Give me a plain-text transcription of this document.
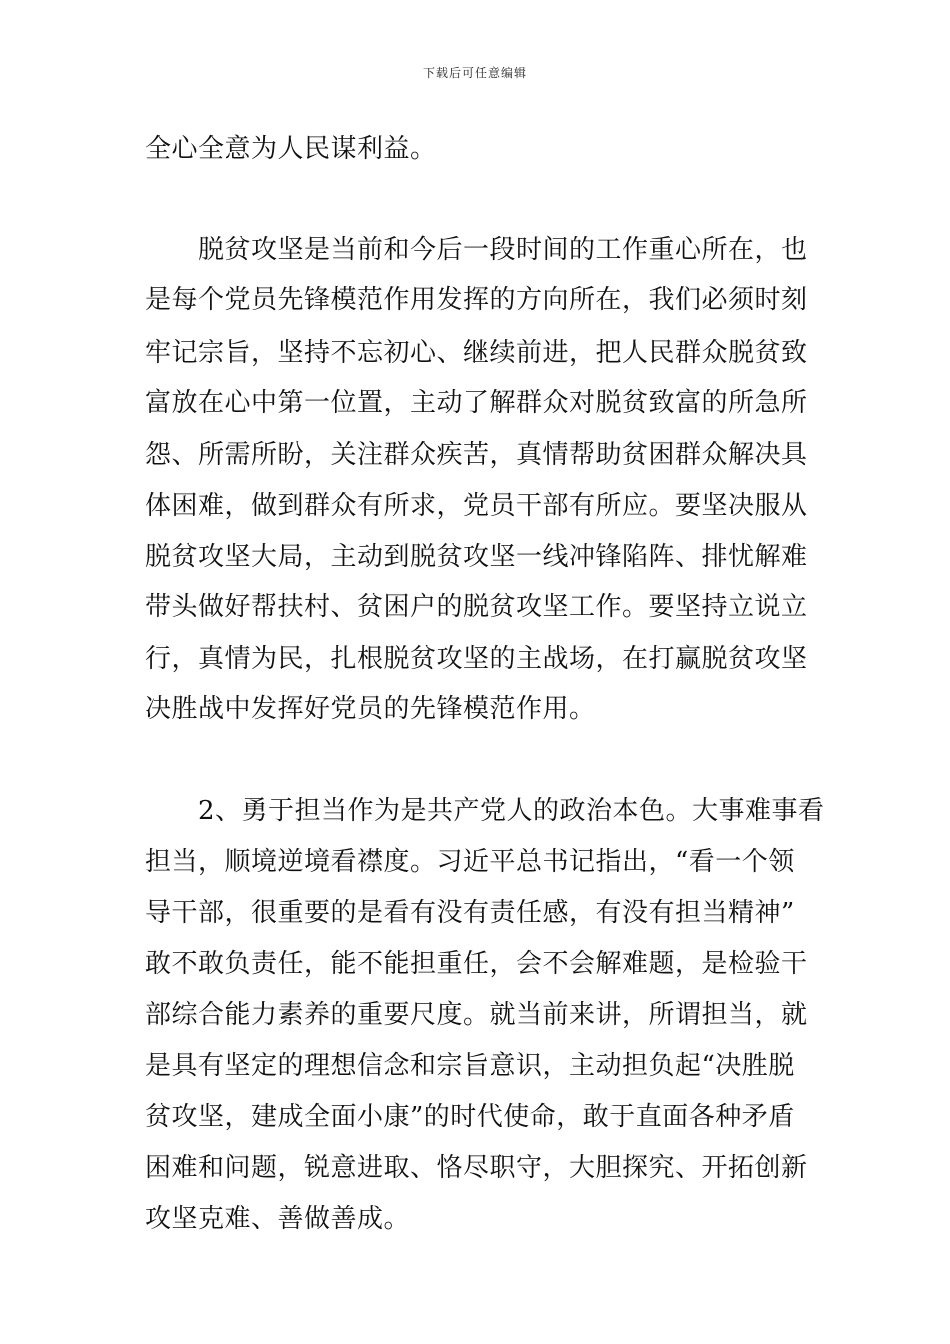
下载后可任意编辑
全心全意为人民谋利益。
　　脱贫攻坚是当前和今后一段时间的工作重心所在，也
是每个党员先锋模范作用发挥的方向所在，我们必须时刻
牢记宗旨，坚持不忘初心、继续前进，把人民群众脱贫致
富放在心中第一位置，主动了解群众对脱贫致富的所急所
怨、所需所盼，关注群众疾苦，真情帮助贫困群众解决具
体困难，做到群众有所求，党员干部有所应。要坚决服从
脱贫攻坚大局，主动到脱贫攻坚一线冲锋陷阵、排忧解难
带头做好帮扶村、贫困户的脱贫攻坚工作。要坚持立说立
行，真情为民，扎根脱贫攻坚的主战场，在打赢脱贫攻坚
决胜战中发挥好党员的先锋模范作用。
　　2、勇于担当作为是共产党人的政治本色。大事难事看
担当，顺境逆境看襟度。习近平总书记指出，“看一个领
导干部，很重要的是看有没有责任感，有没有担当精神”
敢不敢负责任，能不能担重任，会不会解难题，是检验干
部综合能力素养的重要尺度。就当前来讲，所谓担当，就
是具有坚定的理想信念和宗旨意识，主动担负起“决胜脱
贫攻坚，建成全面小康”的时代使命，敢于直面各种矛盾
困难和问题，锐意进取、恪尽职守，大胆探究、开拓创新
攻坚克难、善做善成。
